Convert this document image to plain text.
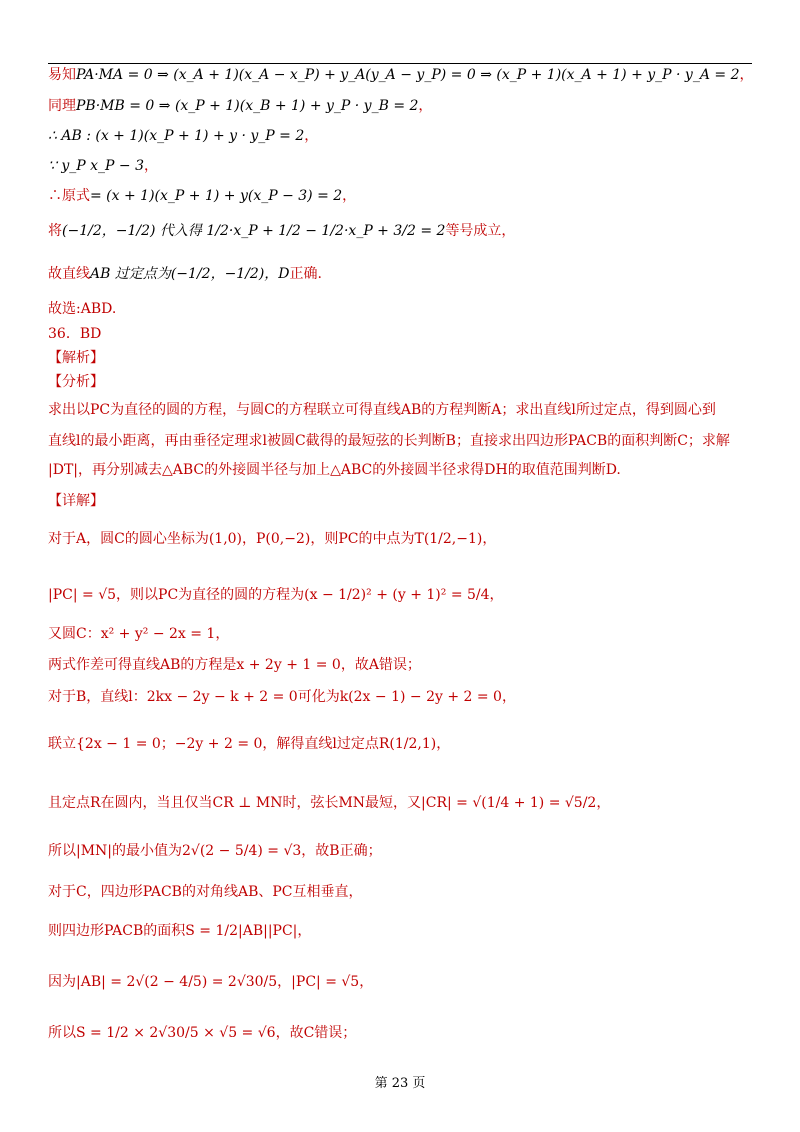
易知PA·MA = 0 ⇒ (x_A + 1)(x_A − x_P) + y_A(y_A − y_P) = 0 ⇒ (x_P + 1)(x_A + 1) + y_P · y_A = 2，
同理PB·MB = 0 ⇒ (x_P + 1)(x_B + 1) + y_P · y_B = 2，
∴ AB : (x + 1)(x_P + 1) + y · y_P = 2，
∵ y_P x_P − 3，
∴原式= (x + 1)(x_P + 1) + y(x_P − 3) = 2，
将(−1/2，−1/2) 代入得 1/2·x_P + 1/2 − 1/2·x_P + 3/2 = 2等号成立，
故直线AB 过定点为(−1/2，−1/2)，D正确.
故选:ABD.
36．BD
【解析】
【分析】
求出以PC为直径的圆的方程，与圆C的方程联立可得直线AB的方程判断A；求出直线l所过定点，得到圆心到
直线l的最小距离，再由垂径定理求l被圆C截得的最短弦的长判断B；直接求出四边形PACB的面积判断C；求解
|DT|，再分别减去△ABC的外接圆半径与加上△ABC的外接圆半径求得DH的取值范围判断D.
【详解】
对于A，圆C的圆心坐标为(1,0)，P(0,−2)，则PC的中点为T(1/2,−1)，
|PC| = √5，则以PC为直径的圆的方程为(x − 1/2)² + (y + 1)² = 5/4，
又圆C：x² + y² − 2x = 1，
两式作差可得直线AB的方程是x + 2y + 1 = 0，故A错误；
对于B，直线l：2kx − 2y − k + 2 = 0可化为k(2x − 1) − 2y + 2 = 0，
联立{2x − 1 = 0；−2y + 2 = 0，解得直线l过定点R(1/2,1)，
且定点R在圆内，当且仅当CR ⊥ MN时，弦长MN最短，又|CR| = √(1/4 + 1) = √5/2，
所以|MN|的最小值为2√(2 − 5/4) = √3，故B正确；
对于C，四边形PACB的对角线AB、PC互相垂直，
则四边形PACB的面积S = 1/2|AB||PC|，
因为|AB| = 2√(2 − 4/5) = 2√30/5，|PC| = √5，
所以S = 1/2 × 2√30/5 × √5 = √6，故C错误；
第 23 页
